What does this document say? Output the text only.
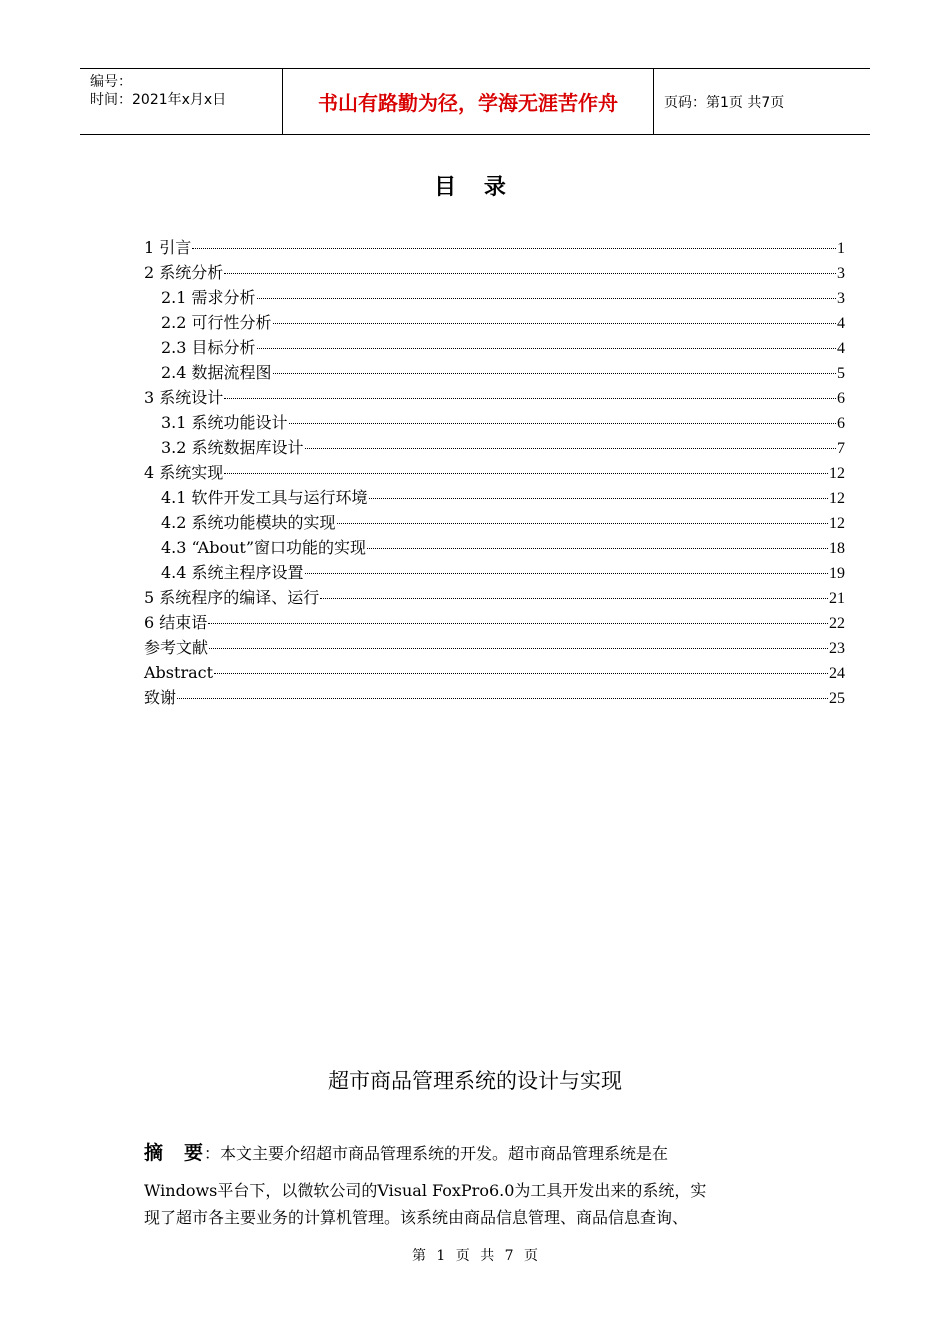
编号：
时间：2021年x月x日	书山有路勤为径，学海无涯苦作舟	页码：第1页 共7页
目 录
1 引言	1
2 系统分析	3
2.1 需求分析	3
2.2 可行性分析	4
2.3 目标分析	4
2.4 数据流程图	5
3 系统设计	6
3.1 系统功能设计	6
3.2 系统数据库设计	7
4 系统实现	12
4.1 软件开发工具与运行环境	12
4.2 系统功能模块的实现	12
4.3 “About”窗口功能的实现	18
4.4 系统主程序设置	19
5 系统程序的编译、运行	21
6 结束语	22
参考文献	23
Abstract	24
致谢	25
超市商品管理系统的设计与实现
摘　要：本文主要介绍超市商品管理系统的开发。超市商品管理系统是在
Windows平台下，以微软公司的Visual FoxPro6.0为工具开发出来的系统，实
现了超市各主要业务的计算机管理。该系统由商品信息管理、商品信息查询、
第 1 页 共 7 页
